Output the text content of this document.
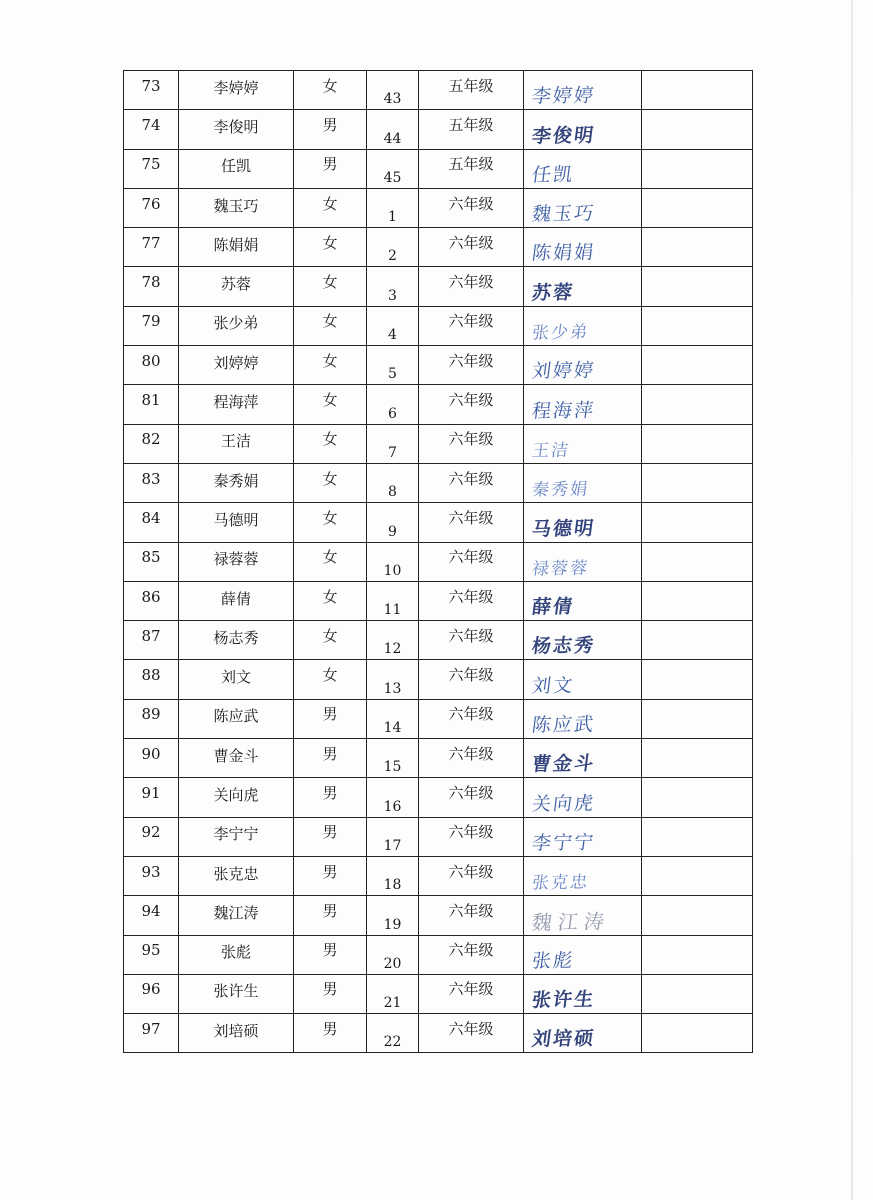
73	李婷婷	女	43	五年级	李婷婷	

74	李俊明	男	44	五年级	李俊明	

75	任凯	男	45	五年级	任凯	

76	魏玉巧	女	1	六年级	魏玉巧	

77	陈娟娟	女	2	六年级	陈娟娟	

78	苏蓉	女	3	六年级	苏蓉	

79	张少弟	女	4	六年级	张少弟	

80	刘婷婷	女	5	六年级	刘婷婷	

81	程海萍	女	6	六年级	程海萍	

82	王洁	女	7	六年级	王洁	

83	秦秀娟	女	8	六年级	秦秀娟	

84	马德明	女	9	六年级	马德明	

85	禄蓉蓉	女	10	六年级	禄蓉蓉	

86	薛倩	女	11	六年级	薛倩	

87	杨志秀	女	12	六年级	杨志秀	

88	刘文	女	13	六年级	刘文	

89	陈应武	男	14	六年级	陈应武	

90	曹金斗	男	15	六年级	曹金斗	

91	关向虎	男	16	六年级	关向虎	

92	李宁宁	男	17	六年级	李宁宁	

93	张克忠	男	18	六年级	张克忠	

94	魏江涛	男	19	六年级	魏江涛	

95	张彪	男	20	六年级	张彪	

96	张许生	男	21	六年级	张许生	

97	刘培硕	男	22	六年级	刘培硕	
